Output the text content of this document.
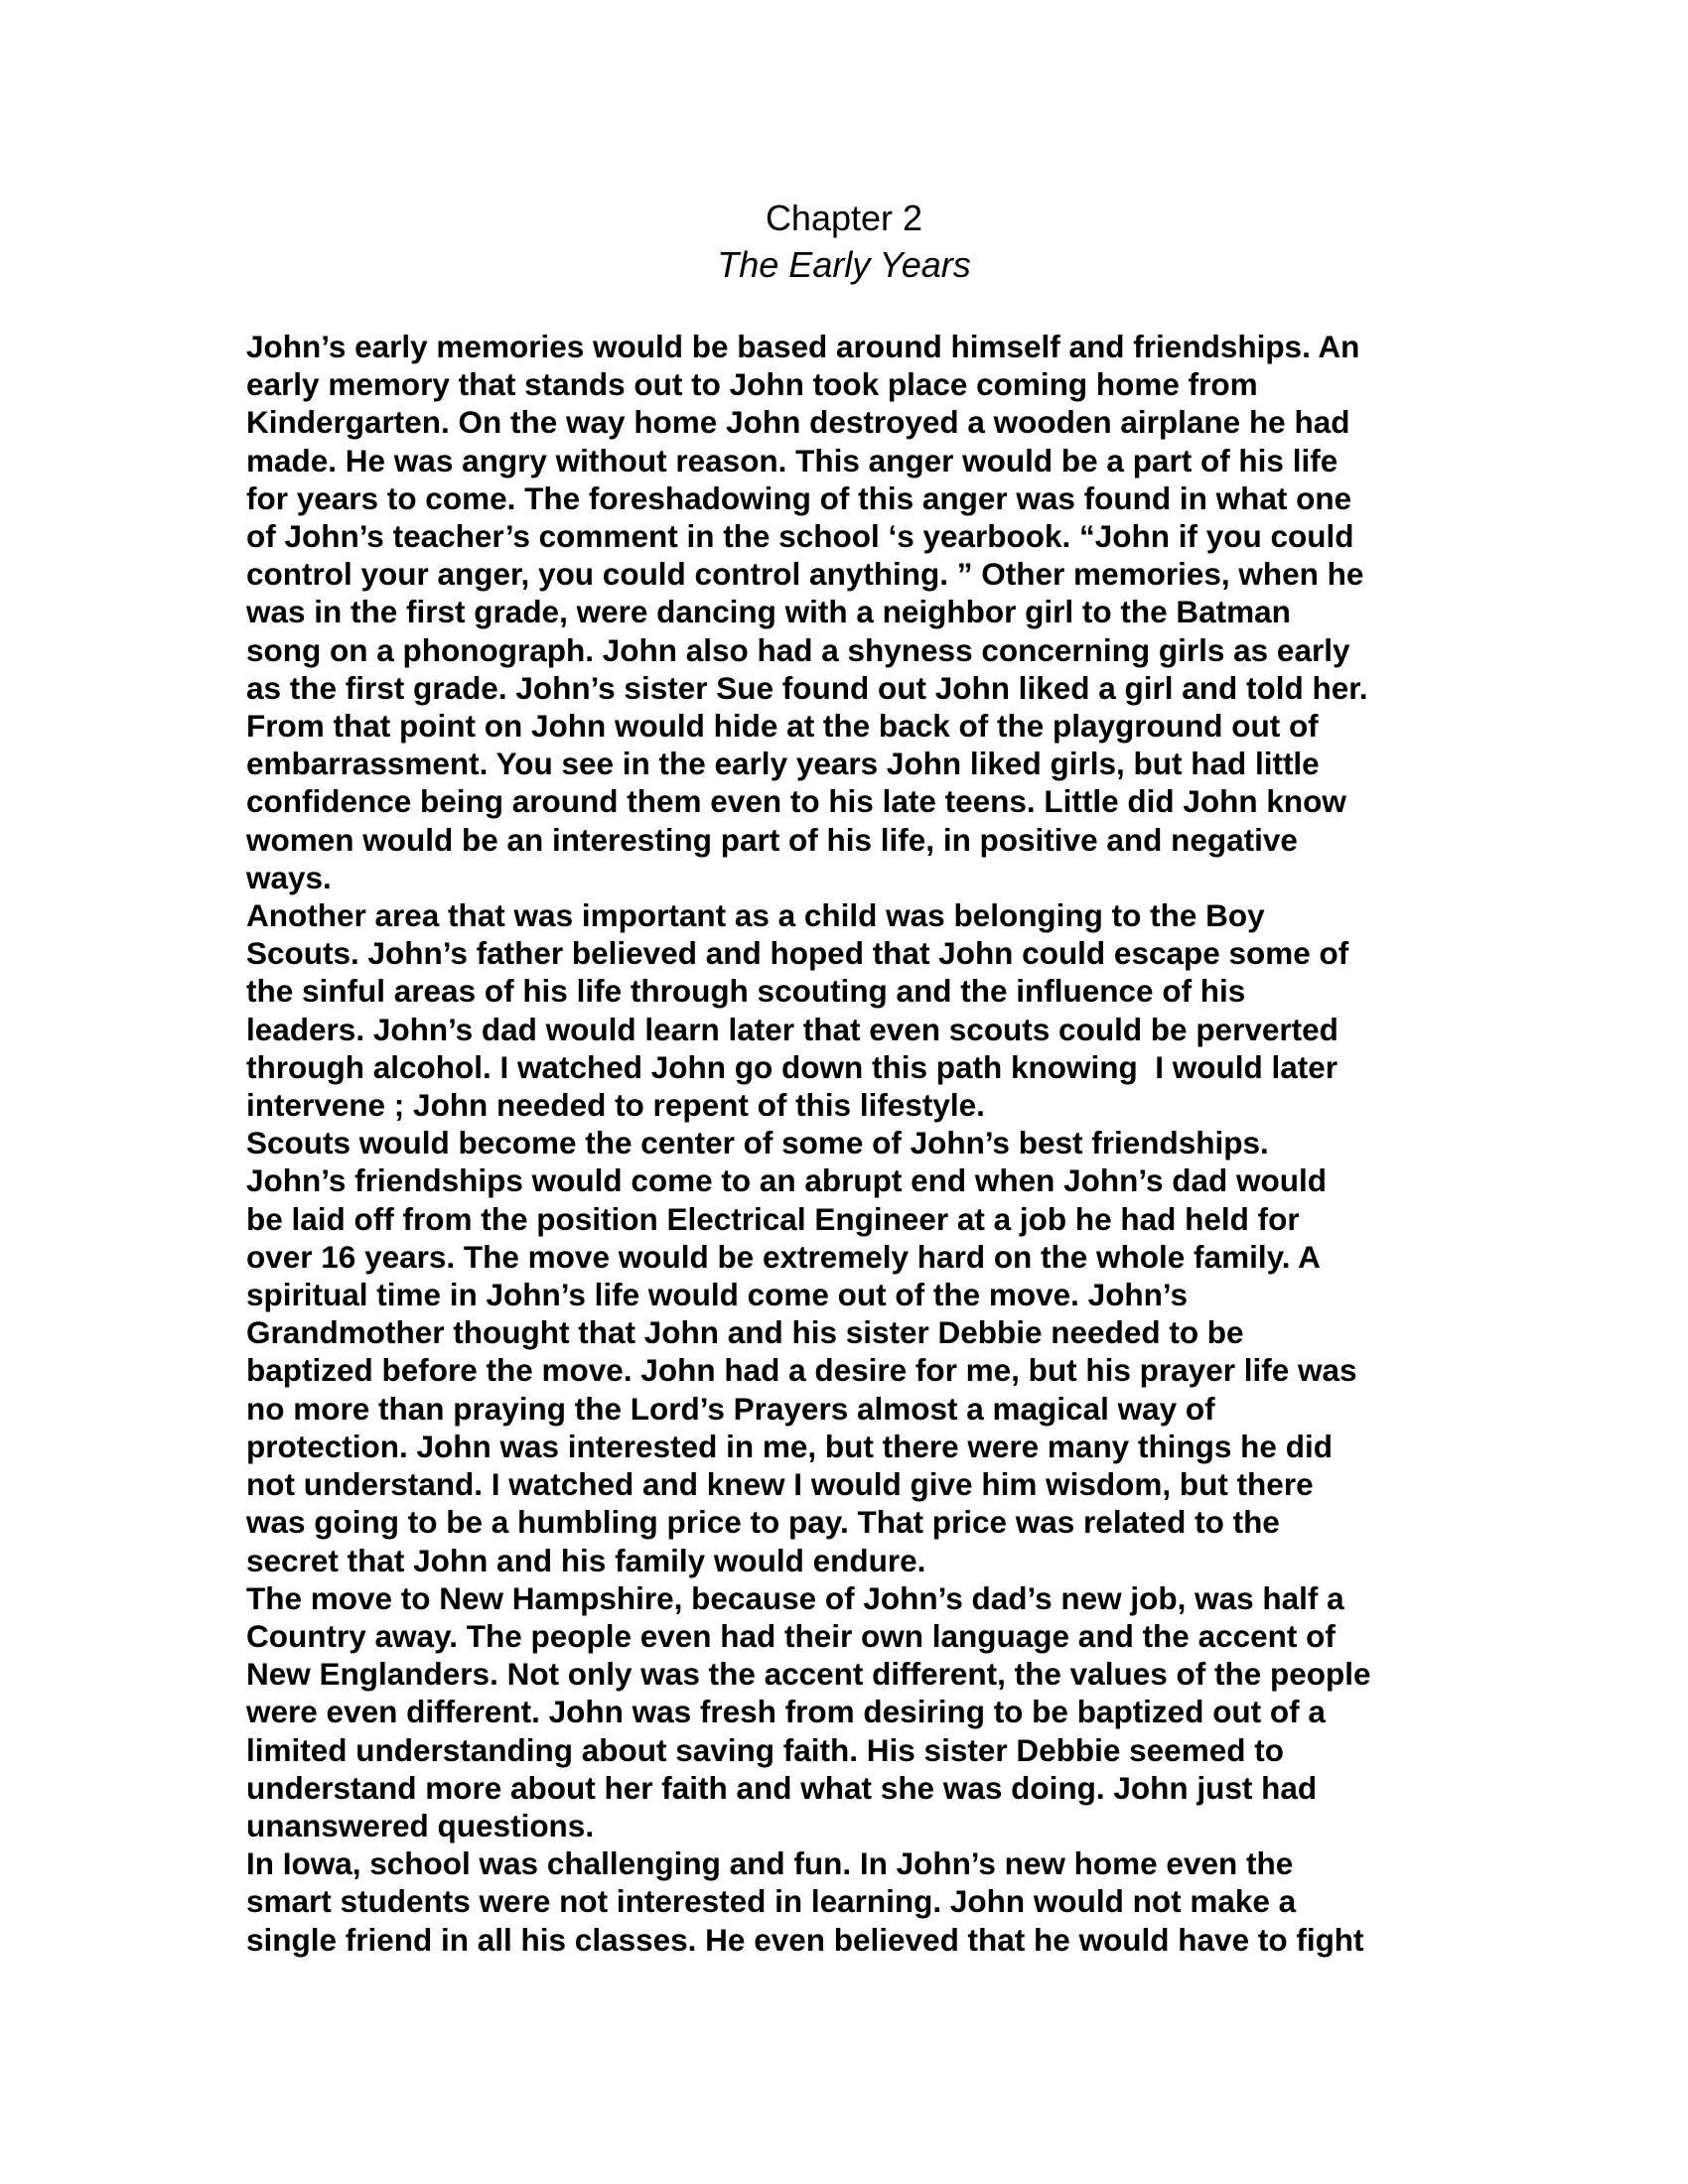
Chapter 2
The Early Years
John’s early memories would be based around himself and friendships. An
early memory that stands out to John took place coming home from
Kindergarten. On the way home John destroyed a wooden airplane he had
made. He was angry without reason. This anger would be a part of his life
for years to come. The foreshadowing of this anger was found in what one
of John’s teacher’s comment in the school ‘s yearbook. “John if you could
control your anger, you could control anything. ” Other memories, when he
was in the first grade, were dancing with a neighbor girl to the Batman
song on a phonograph. John also had a shyness concerning girls as early
as the first grade. John’s sister Sue found out John liked a girl and told her.
From that point on John would hide at the back of the playground out of
embarrassment. You see in the early years John liked girls, but had little
confidence being around them even to his late teens. Little did John know
women would be an interesting part of his life, in positive and negative
ways.
Another area that was important as a child was belonging to the Boy
Scouts. John’s father believed and hoped that John could escape some of
the sinful areas of his life through scouting and the influence of his
leaders. John’s dad would learn later that even scouts could be perverted
through alcohol. I watched John go down this path knowing  I would later
intervene ; John needed to repent of this lifestyle.
Scouts would become the center of some of John’s best friendships.
John’s friendships would come to an abrupt end when John’s dad would
be laid off from the position Electrical Engineer at a job he had held for
over 16 years. The move would be extremely hard on the whole family. A
spiritual time in John’s life would come out of the move. John’s
Grandmother thought that John and his sister Debbie needed to be
baptized before the move. John had a desire for me, but his prayer life was
no more than praying the Lord’s Prayers almost a magical way of
protection. John was interested in me, but there were many things he did
not understand. I watched and knew I would give him wisdom, but there
was going to be a humbling price to pay. That price was related to the
secret that John and his family would endure.
The move to New Hampshire, because of John’s dad’s new job, was half a
Country away. The people even had their own language and the accent of
New Englanders. Not only was the accent different, the values of the people
were even different. John was fresh from desiring to be baptized out of a
limited understanding about saving faith. His sister Debbie seemed to
understand more about her faith and what she was doing. John just had
unanswered questions.
In Iowa, school was challenging and fun. In John’s new home even the
smart students were not interested in learning. John would not make a
single friend in all his classes. He even believed that he would have to fight
